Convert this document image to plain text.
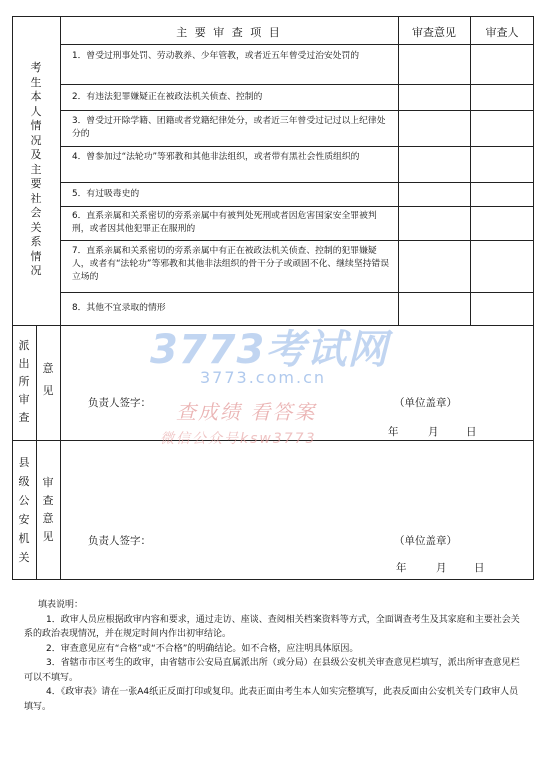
主 要 审 查 项 目	审查意见	审查人
考
生
本
人
情
况
及
主
要
社
会
关
系
情
况
1．曾受过刑事处罚、劳动教养、少年管教，或者近五年曾受过治安处罚的
2．有违法犯罪嫌疑正在被政法机关侦查、控制的
3．曾受过开除学籍、团籍或者党籍纪律处分，或者近三年曾受过记过以上纪律处分的
4．曾参加过“法轮功”等邪教和其他非法组织，或者带有黑社会性质组织的
5．有过吸毒史的
6．直系亲属和关系密切的旁系亲属中有被判处死刑或者因危害国家安全罪被判刑，或者因其他犯罪正在服刑的
7．直系亲属和关系密切的旁系亲属中有正在被政法机关侦查、控制的犯罪嫌疑人，或者有“法轮功”等邪教和其他非法组织的骨干分子或顽固不化、继续坚持错误立场的
8．其他不宜录取的情形
派
出
所
审
查
意
见
负责人签字：	（单位盖章）
年	月	日
县
级
公
安
机
关
审
查
意
见	负责人签字：	（单位盖章）
年	月	日
3773考试网
3773.com.cn
查成绩 看答案
微信公众号ksw3773

填表说明：

1．政审人员应根据政审内容和要求，通过走访、座谈、查阅相关档案资料等方式，全面调查考生及其家庭和主要社会关系的政治表现情况，并在规定时间内作出初审结论。

2．审查意见应有“合格”或“不合格”的明确结论。如不合格，应注明具体原因。

3．省辖市市区考生的政审，由省辖市公安局直属派出所（或分局）在县级公安机关审查意见栏填写，派出所审查意见栏可以不填写。

4．《政审表》请在一张A4纸正反面打印或复印。此表正面由考生本人如实完整填写，此表反面由公安机关专门政审人员填写。
